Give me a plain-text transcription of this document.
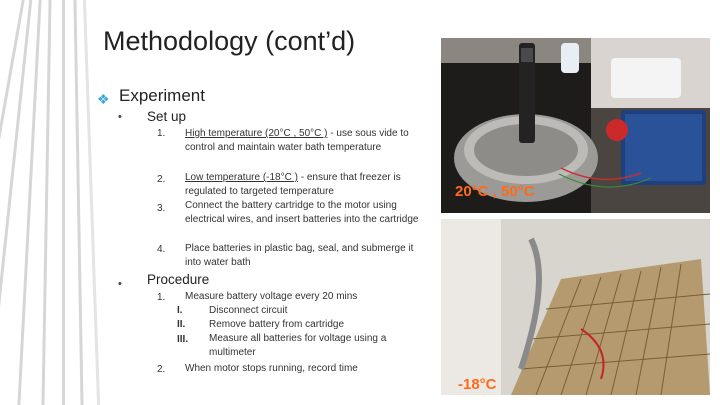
Methodology (cont’d)
❖ Experiment
• Set up
1. High temperature (20°C , 50°C ) - use sous vide to control and maintain water bath temperature
2. Low temperature (-18°C ) - ensure that freezer is regulated to targeted temperature
3. Connect the battery cartridge to the motor using electrical wires, and insert batteries into the cartridge
4. Place batteries in plastic bag, seal, and submerge it into water bath
• Procedure
1. Measure battery voltage every 20 mins
I.	Disconnect circuit
II. Remove battery from cartridge
III. Measure all batteries for voltage using a multimeter
2. When motor stops running, record time
20°C , 50°C
-18°C
